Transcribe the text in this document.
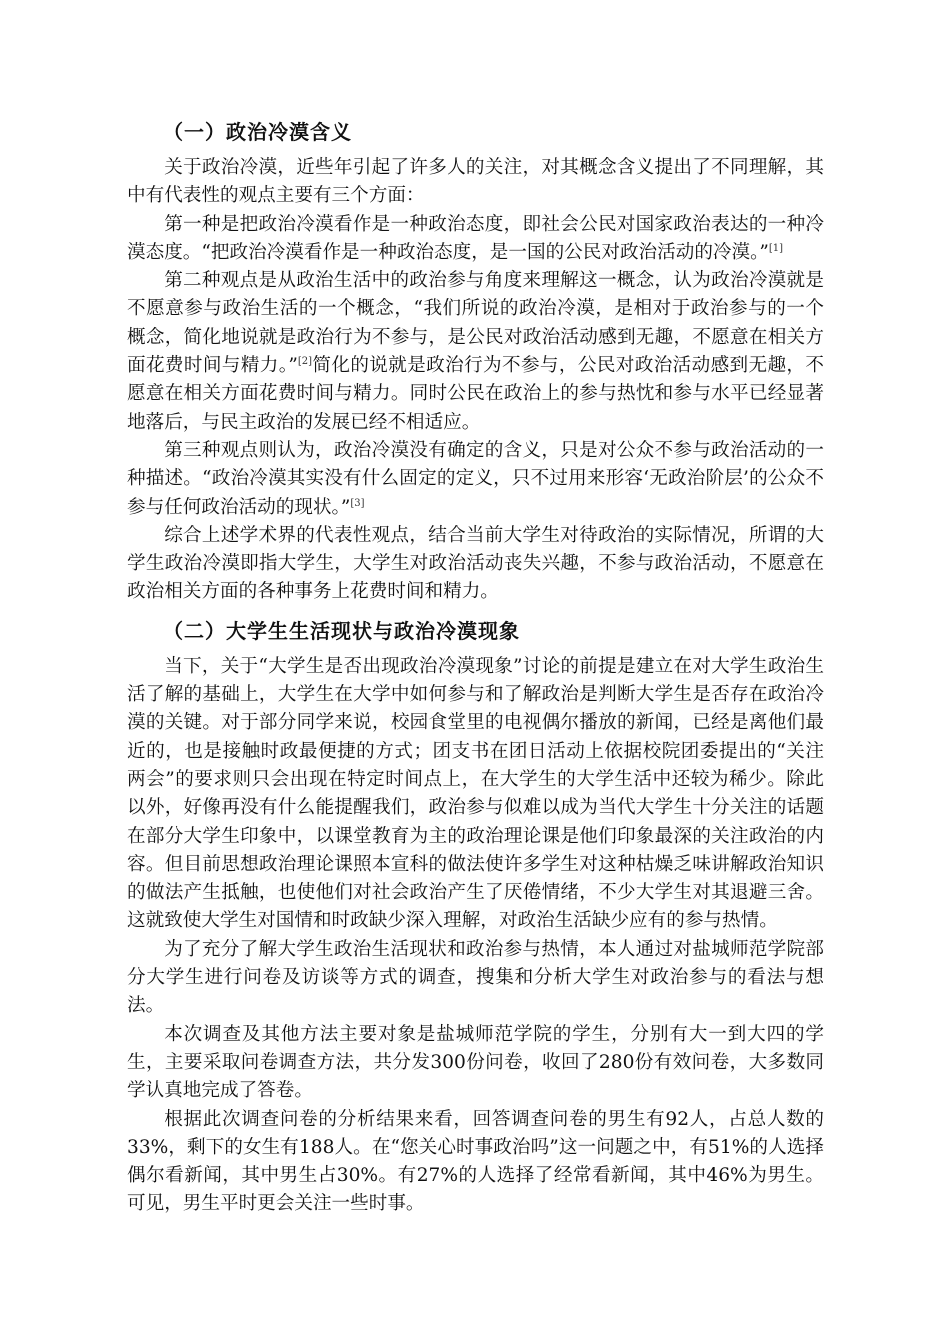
（一）政治冷漠含义

关于政治冷漠，近些年引起了许多人的关注，对其概念含义提出了不同理解，其中有代表性的观点主要有三个方面：

第一种是把政治冷漠看作是一种政治态度，即社会公民对国家政治表达的一种冷漠态度。“把政治冷漠看作是一种政治态度，是一国的公民对政治活动的冷漠。”[1]

第二种观点是从政治生活中的政治参与角度来理解这一概念，认为政治冷漠就是不愿意参与政治生活的一个概念，“我们所说的政治冷漠，是相对于政治参与的一个概念，简化地说就是政治行为不参与，是公民对政治活动感到无趣，不愿意在相关方面花费时间与精力。”[2]简化的说就是政治行为不参与，公民对政治活动感到无趣，不愿意在相关方面花费时间与精力。同时公民在政治上的参与热忱和参与水平已经显著地落后，与民主政治的发展已经不相适应。

第三种观点则认为，政治冷漠没有确定的含义，只是对公众不参与政治活动的一种描述。“政治冷漠其实没有什么固定的定义，只不过用来形容‘无政治阶层’的公众不参与任何政治活动的现状。”[3]

综合上述学术界的代表性观点，结合当前大学生对待政治的实际情况，所谓的大学生政治冷漠即指大学生，大学生对政治活动丧失兴趣，不参与政治活动，不愿意在政治相关方面的各种事务上花费时间和精力。

（二）大学生生活现状与政治冷漠现象

当下，关于“大学生是否出现政治冷漠现象”讨论的前提是建立在对大学生政治生活了解的基础上，大学生在大学中如何参与和了解政治是判断大学生是否存在政治冷漠的关键。对于部分同学来说，校园食堂里的电视偶尔播放的新闻，已经是离他们最近的，也是接触时政最便捷的方式；团支书在团日活动上依据校院团委提出的“关注两会”的要求则只会出现在特定时间点上，在大学生的大学生活中还较为稀少。除此以外，好像再没有什么能提醒我们，政治参与似难以成为当代大学生十分关注的话题在部分大学生印象中，以课堂教育为主的政治理论课是他们印象最深的关注政治的内容。但目前思想政治理论课照本宣科的做法使许多学生对这种枯燥乏味讲解政治知识的做法产生抵触，也使他们对社会政治产生了厌倦情绪，不少大学生对其退避三舍。这就致使大学生对国情和时政缺少深入理解，对政治生活缺少应有的参与热情。

为了充分了解大学生政治生活现状和政治参与热情，本人通过对盐城师范学院部分大学生进行问卷及访谈等方式的调查，搜集和分析大学生对政治参与的看法与想法。

本次调查及其他方法主要对象是盐城师范学院的学生，分别有大一到大四的学生，主要采取问卷调查方法，共分发300份问卷，收回了280份有效问卷，大多数同学认真地完成了答卷。

根据此次调查问卷的分析结果来看，回答调查问卷的男生有92人，占总人数的33%，剩下的女生有188人。在“您关心时事政治吗”这一问题之中，有51%的人选择偶尔看新闻，其中男生占30%。有27%的人选择了经常看新闻，其中46%为男生。可见，男生平时更会关注一些时事。
